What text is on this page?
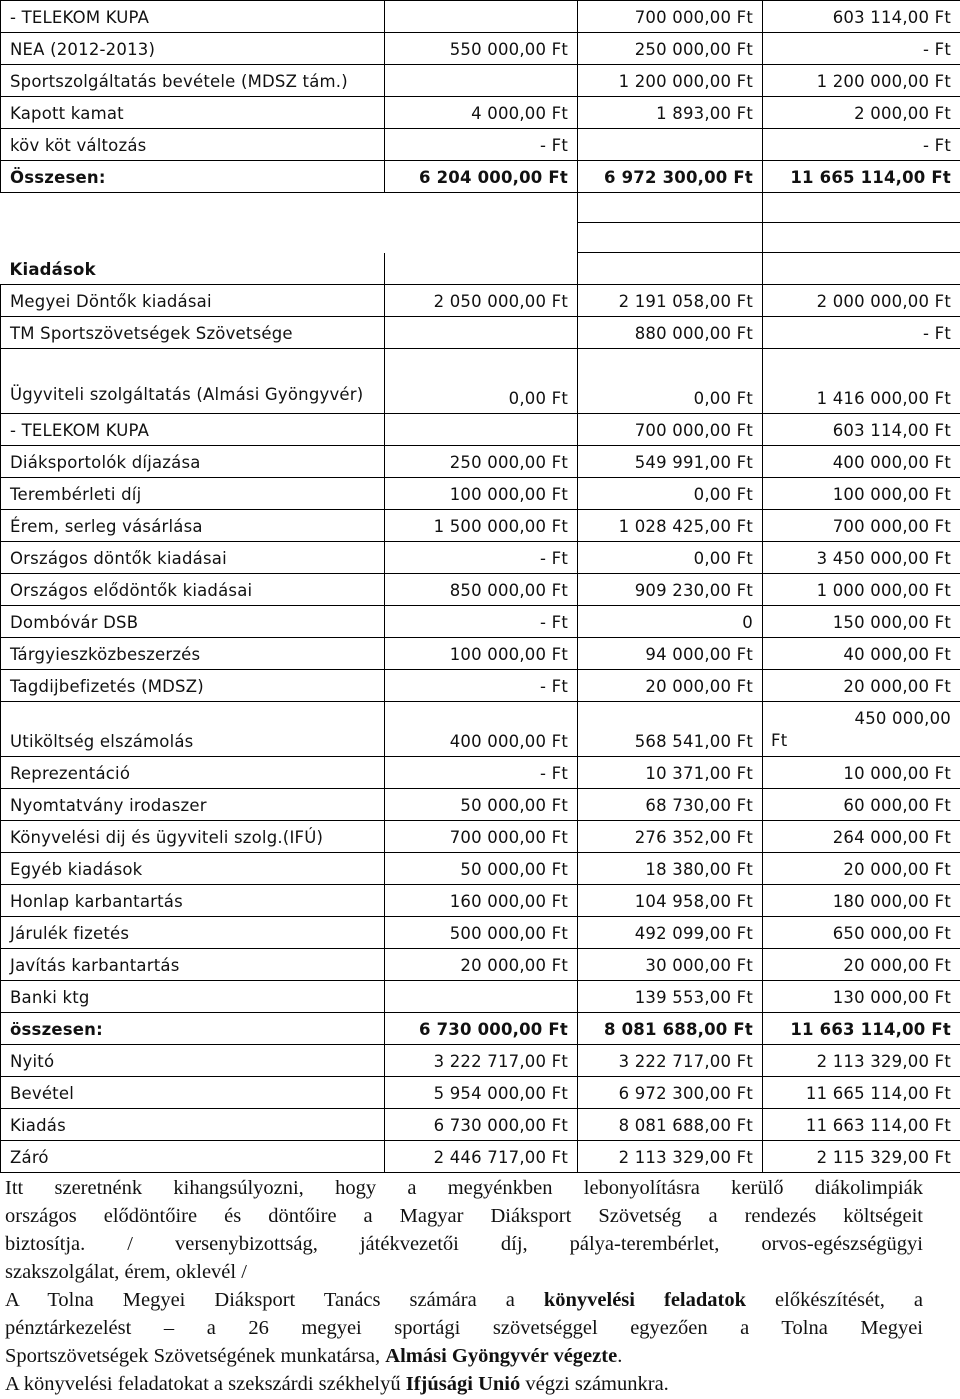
- TELEKOM KUPA		700 000,00 Ft	603 114,00 Ft
NEA (2012-2013)	550 000,00 Ft	250 000,00 Ft	- Ft
Sportszolgáltatás bevétele (MDSZ tám.)		1 200 000,00 Ft	1 200 000,00 Ft
Kapott kamat	4 000,00 Ft	1 893,00 Ft	2 000,00 Ft
köv köt változás	- Ft		- Ft
Összesen:	6 204 000,00 Ft	6 972 300,00 Ft	11 665 114,00 Ft

Kiadások			
Megyei Döntők kiadásai	2 050 000,00 Ft	2 191 058,00 Ft	2 000 000,00 Ft
TM Sportszövetségek Szövetsége		880 000,00 Ft	- Ft
Ügyviteli szolgáltatás (Almási Gyöngyvér)	0,00 Ft	0,00 Ft	1 416 000,00 Ft
- TELEKOM KUPA		700 000,00 Ft	603 114,00 Ft
Diáksportolók díjazása	250 000,00 Ft	549 991,00 Ft	400 000,00 Ft
Terembérleti díj	100 000,00 Ft	0,00 Ft	100 000,00 Ft
Érem, serleg vásárlása	1 500 000,00 Ft	1 028 425,00 Ft	700 000,00 Ft
Országos döntők kiadásai	- Ft	0,00 Ft	3 450 000,00 Ft
Országos elődöntők kiadásai	850 000,00 Ft	909 230,00 Ft	1 000 000,00 Ft
Dombóvár DSB	- Ft	0	150 000,00 Ft
Tárgyieszközbeszerzés	100 000,00 Ft	94 000,00 Ft	40 000,00 Ft
Tagdijbefizetés (MDSZ)	- Ft	20 000,00 Ft	20 000,00 Ft
Utiköltség elszámolás	400 000,00 Ft	568 541,00 Ft	450 000,00
Ft

Reprezentáció	- Ft	10 371,00 Ft	10 000,00 Ft
Nyomtatvány irodaszer	50 000,00 Ft	68 730,00 Ft	60 000,00 Ft
Könyvelési dij és ügyviteli szolg.(IFÚ)	700 000,00 Ft	276 352,00 Ft	264 000,00 Ft
Egyéb kiadások	50 000,00 Ft	18 380,00 Ft	20 000,00 Ft
Honlap karbantartás	160 000,00 Ft	104 958,00 Ft	180 000,00 Ft
Járulék fizetés	500 000,00 Ft	492 099,00 Ft	650 000,00 Ft
Javítás karbantartás	20 000,00 Ft	30 000,00 Ft	20 000,00 Ft
Banki ktg		139 553,00 Ft	130 000,00 Ft
összesen:	6 730 000,00 Ft	8 081 688,00 Ft	11 663 114,00 Ft
Nyitó	3 222 717,00 Ft	3 222 717,00 Ft	2 113 329,00 Ft
Bevétel	5 954 000,00 Ft	6 972 300,00 Ft	11 665 114,00 Ft
Kiadás	6 730 000,00 Ft	8 081 688,00 Ft	11 663 114,00 Ft
Záró	2 446 717,00 Ft	2 113 329,00 Ft	2 115 329,00 Ft

Itt szeretnénk kihangsúlyozni, hogy a megyénkben lebonyolításra kerülő diákolimpiák

országos elődöntőire és döntőire a Magyar Diáksport Szövetség a rendezés költségeit

biztosítja. / versenybizottság, játékvezetői díj, pálya-terembérlet, orvos-egészségügyi

szakszolgálat, érem, oklevél /

A Tolna Megyei Diáksport Tanács számára a könyvelési feladatok előkészítését, a

pénztárkezelést – a 26 megyei sportági szövetséggel egyezően a Tolna Megyei

Sportszövetségek Szövetségének munkatársa, Almási Gyöngyvér végezte.

A könyvelési feladatokat a szekszárdi székhelyű Ifjúsági Unió végzi számunkra.
